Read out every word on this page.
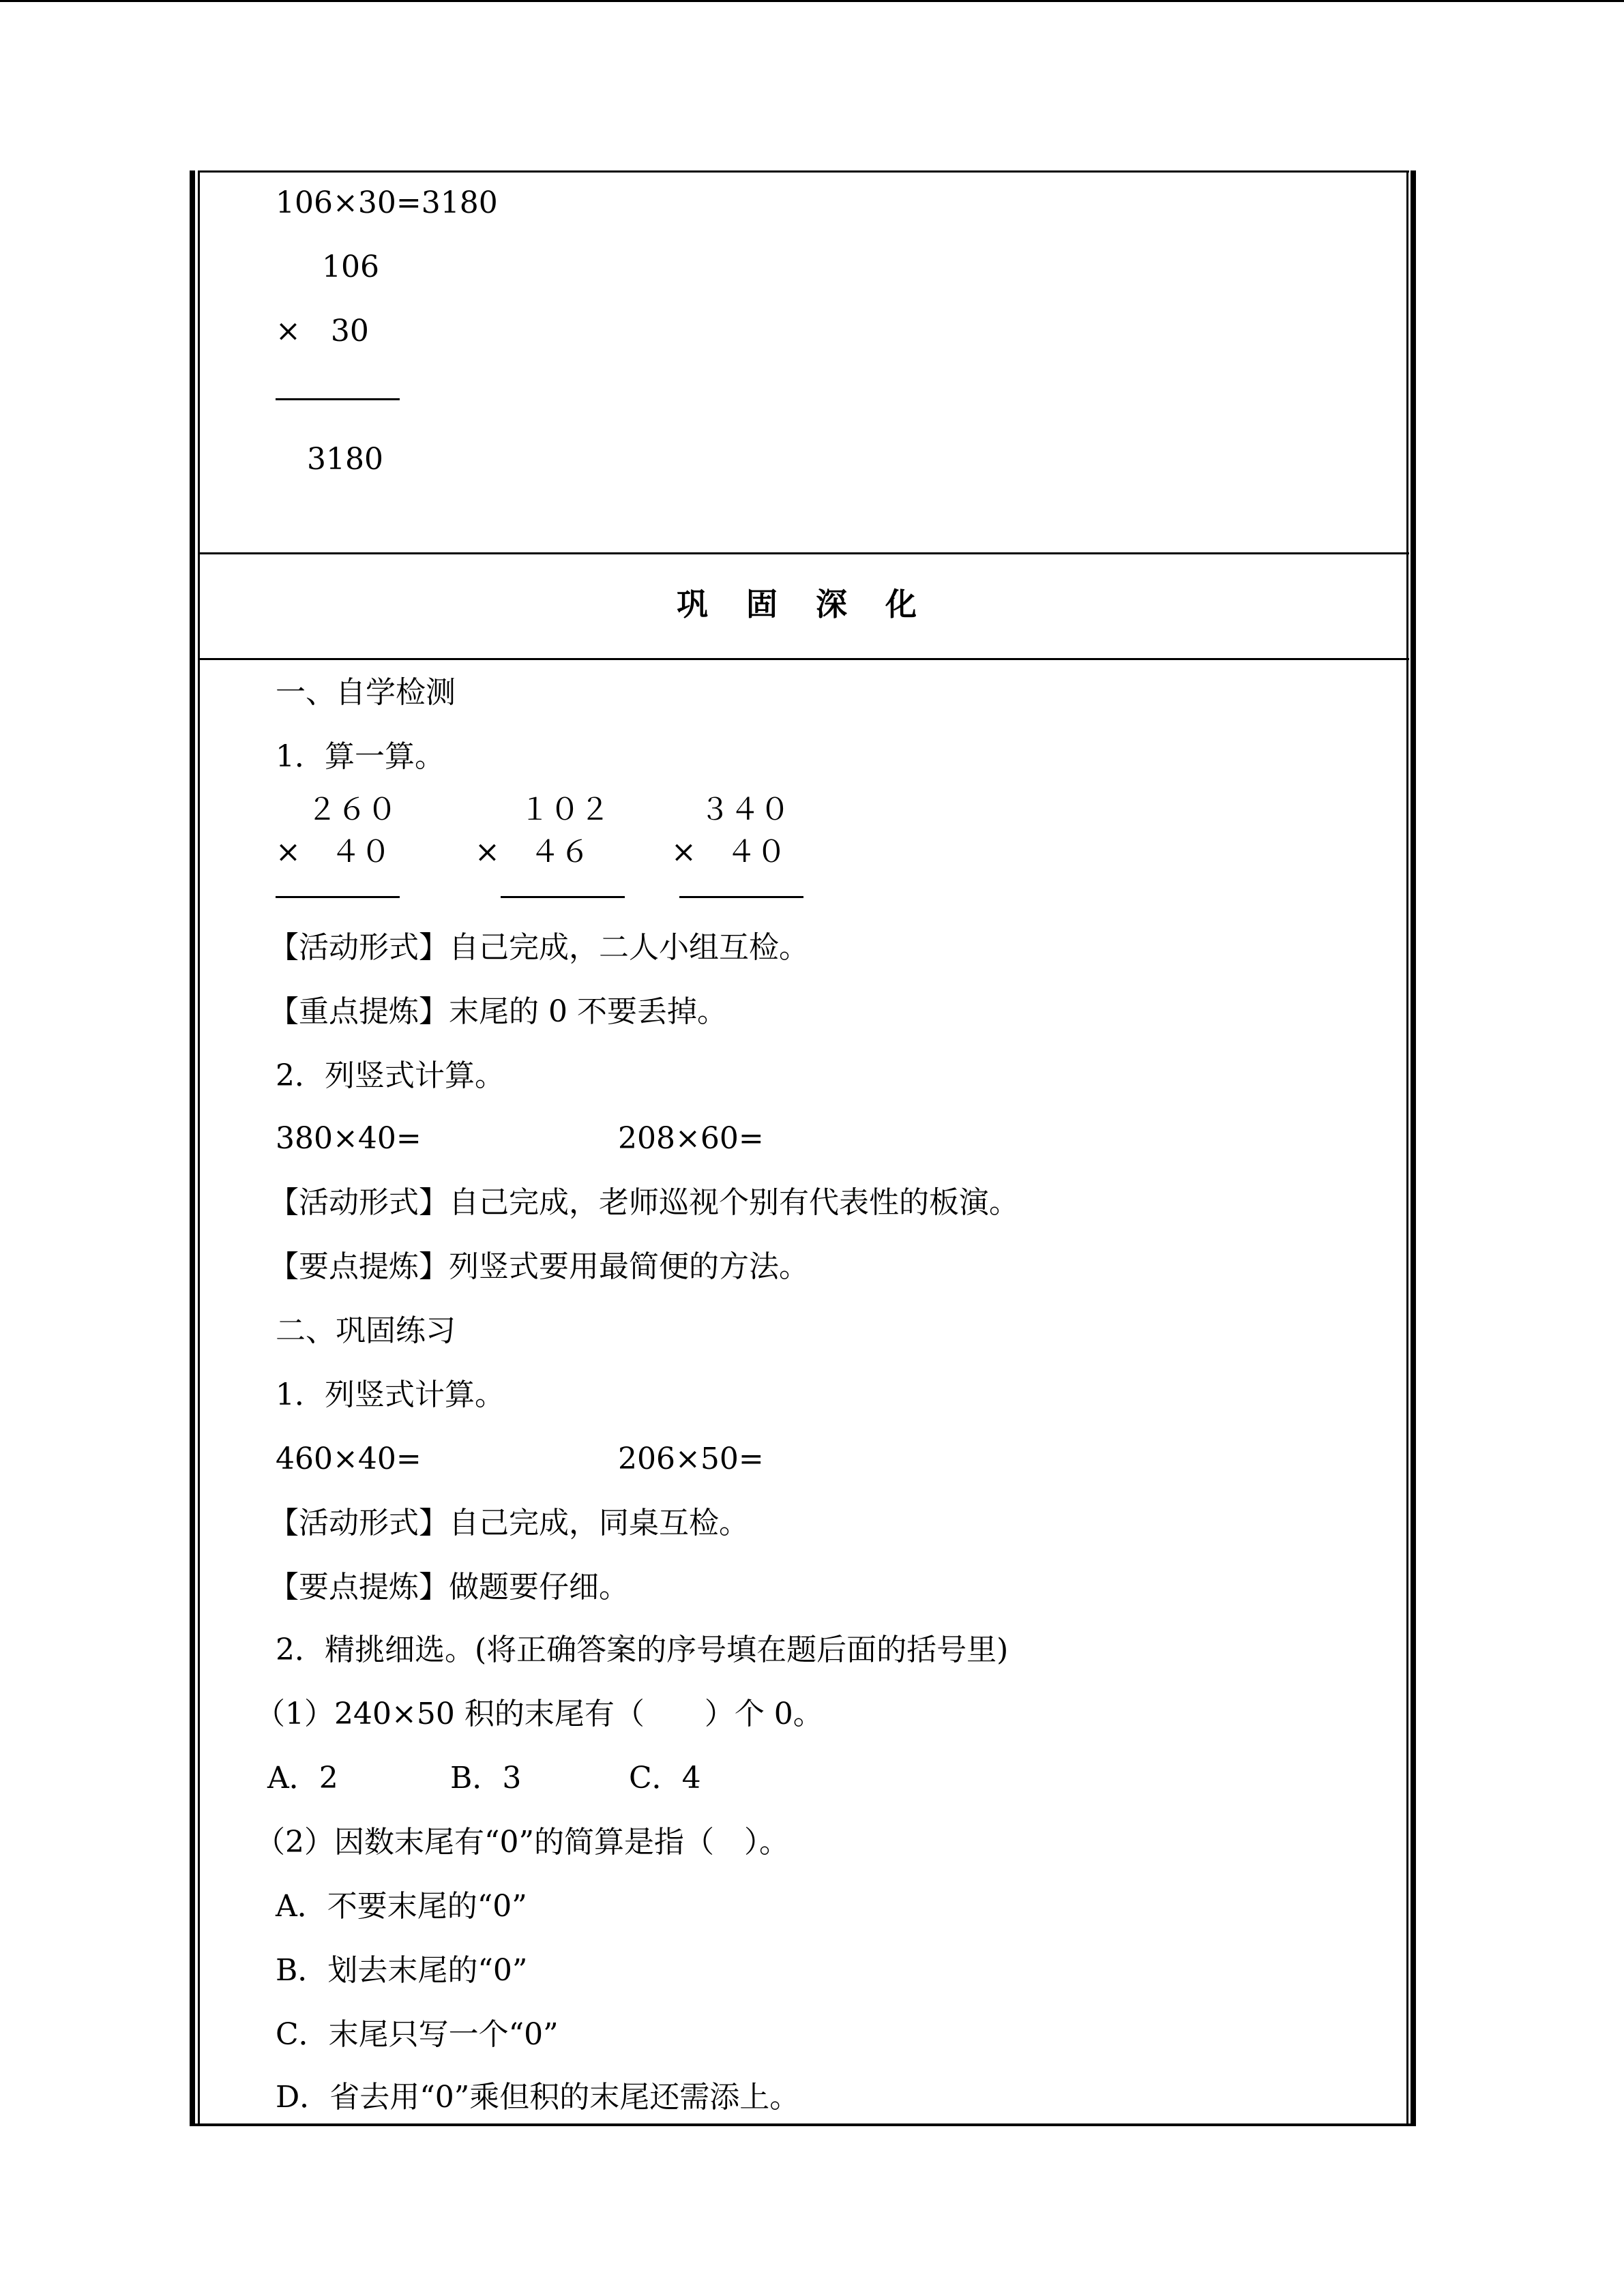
106×30=3180
106
×　30
3180
巩 固 深 化
一、自学检测
1．算一算。
２６０
×　４０
１０２
×　４６
３４０
×　４０
【活动形式】自己完成，二人小组互检。
【重点提炼】末尾的 0 不要丢掉。
2．列竖式计算。
380×40=	208×60=
【活动形式】自己完成，老师巡视个别有代表性的板演。
【要点提炼】列竖式要用最简便的方法。
二、巩固练习
1．列竖式计算。
460×40=	206×50=
【活动形式】自己完成，同桌互检。
【要点提炼】做题要仔细。
2．精挑细选。(将正确答案的序号填在题后面的括号里)
（1）240×50 积的末尾有（　　）个 0。
A．2	B．3	C．4
（2）因数末尾有“0”的简算是指（　）。
A．不要末尾的“0”
B．划去末尾的“0”
C．末尾只写一个“0”
D．省去用“0”乘但积的末尾还需添上。
